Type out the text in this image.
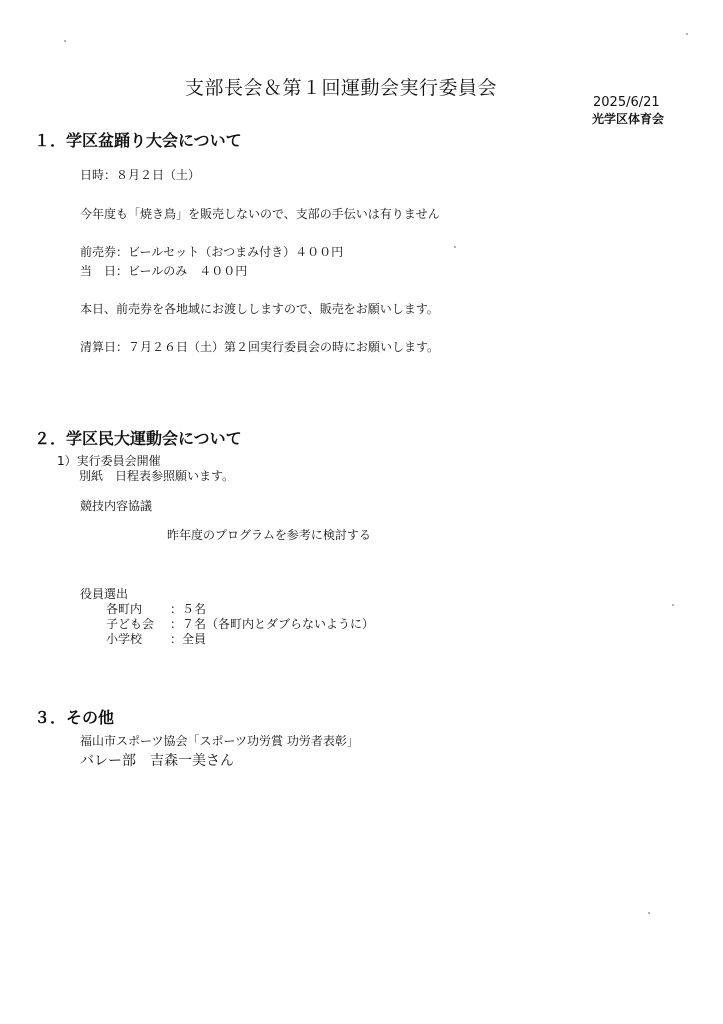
支部長会＆第１回運動会実行委員会
2025/6/21
光学区体育会
１．学区盆踊り大会について
日時：８月２日（土）
今年度も「焼き鳥」を販売しないので、支部の手伝いは有りません
前売券：ビールセット（おつまみ付き）４００円
当　日：ビールのみ　４００円
本日、前売券を各地域にお渡ししますので、販売をお願いします。
清算日：７月２６日（土）第２回実行委員会の時にお願いします。
２．学区民大運動会について
1）実行委員会開催
別紙　日程表参照願います。
競技内容協議
昨年度のプログラムを参考に検討する
役員選出
各町内 ：５名
子ども会 ：７名（各町内とダブらないように）
小学校 ：全員
３．その他
福山市スポーツ協会「スポーツ功労賞 功労者表彰」
バレー部　吉森一美さん
